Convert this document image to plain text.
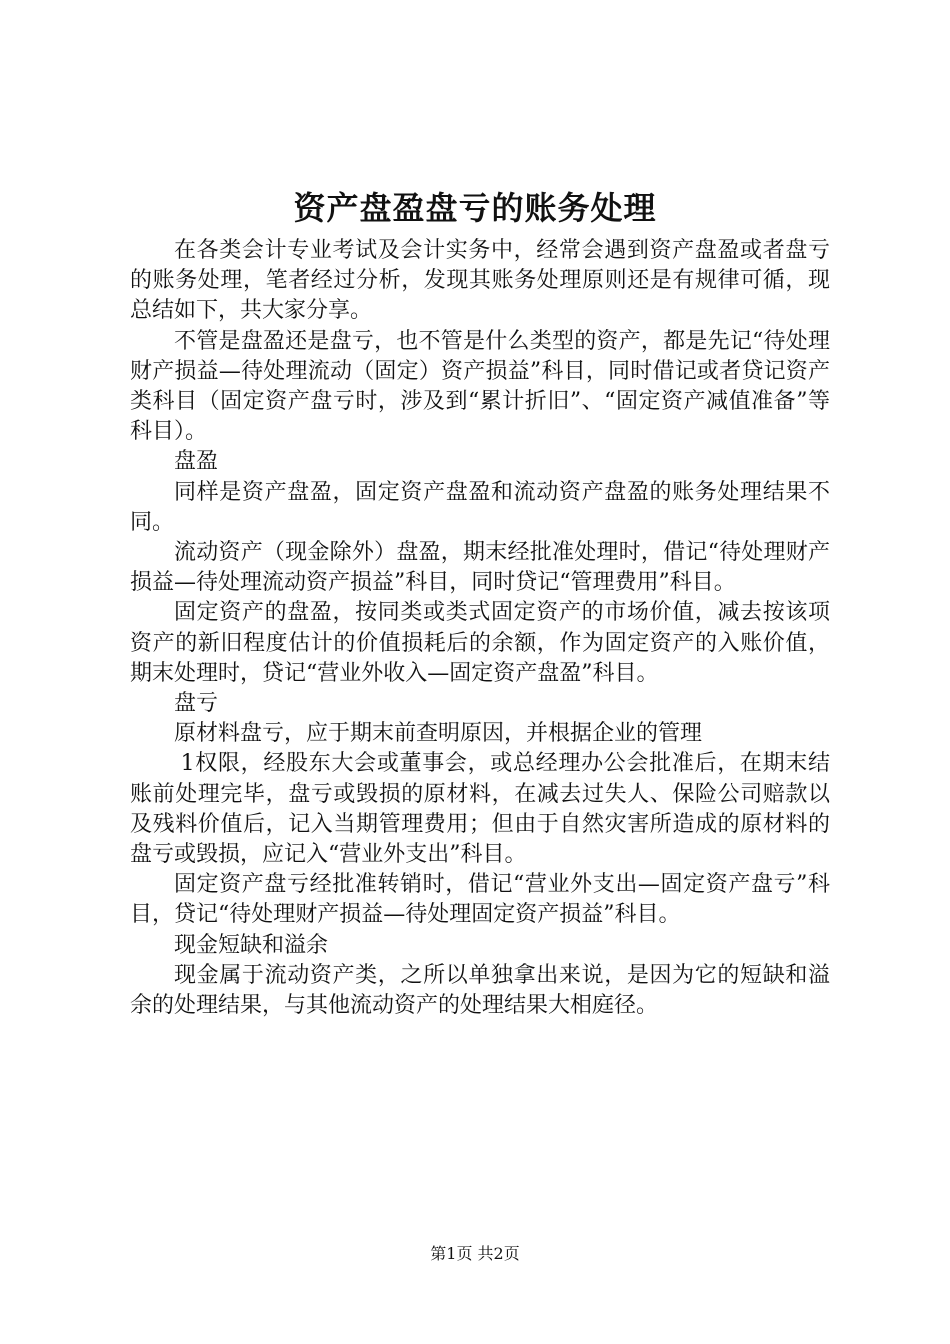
资产盘盈盘亏的账务处理

在各类会计专业考试及会计实务中，经常会遇到资产盘盈或者盘亏的账务处理，笔者经过分析，发现其账务处理原则还是有规律可循，现总结如下，共大家分享。

不管是盘盈还是盘亏，也不管是什么类型的资产，都是先记“待处理财产损益—待处理流动（固定）资产损益”科目，同时借记或者贷记资产类科目（固定资产盘亏时，涉及到“累计折旧”、“固定资产减值准备”等科目）。

盘盈

同样是资产盘盈，固定资产盘盈和流动资产盘盈的账务处理结果不同。

流动资产（现金除外）盘盈，期末经批准处理时，借记“待处理财产损益—待处理流动资产损益”科目，同时贷记“管理费用”科目。

固定资产的盘盈，按同类或类式固定资产的市场价值，减去按该项资产的新旧程度估计的价值损耗后的余额，作为固定资产的入账价值，期末处理时，贷记“营业外收入—固定资产盘盈”科目。

盘亏

原材料盘亏，应于期末前查明原因，并根据企业的管理

1权限，经股东大会或董事会，或总经理办公会批准后，在期末结账前处理完毕，盘亏或毁损的原材料，在减去过失人、保险公司赔款以及残料价值后，记入当期管理费用；但由于自然灾害所造成的原材料的盘亏或毁损，应记入“营业外支出”科目。

固定资产盘亏经批准转销时，借记“营业外支出—固定资产盘亏”科目，贷记“待处理财产损益—待处理固定资产损益”科目。

现金短缺和溢余

现金属于流动资产类，之所以单独拿出来说，是因为它的短缺和溢余的处理结果，与其他流动资产的处理结果大相庭径。

第1页 共2页
